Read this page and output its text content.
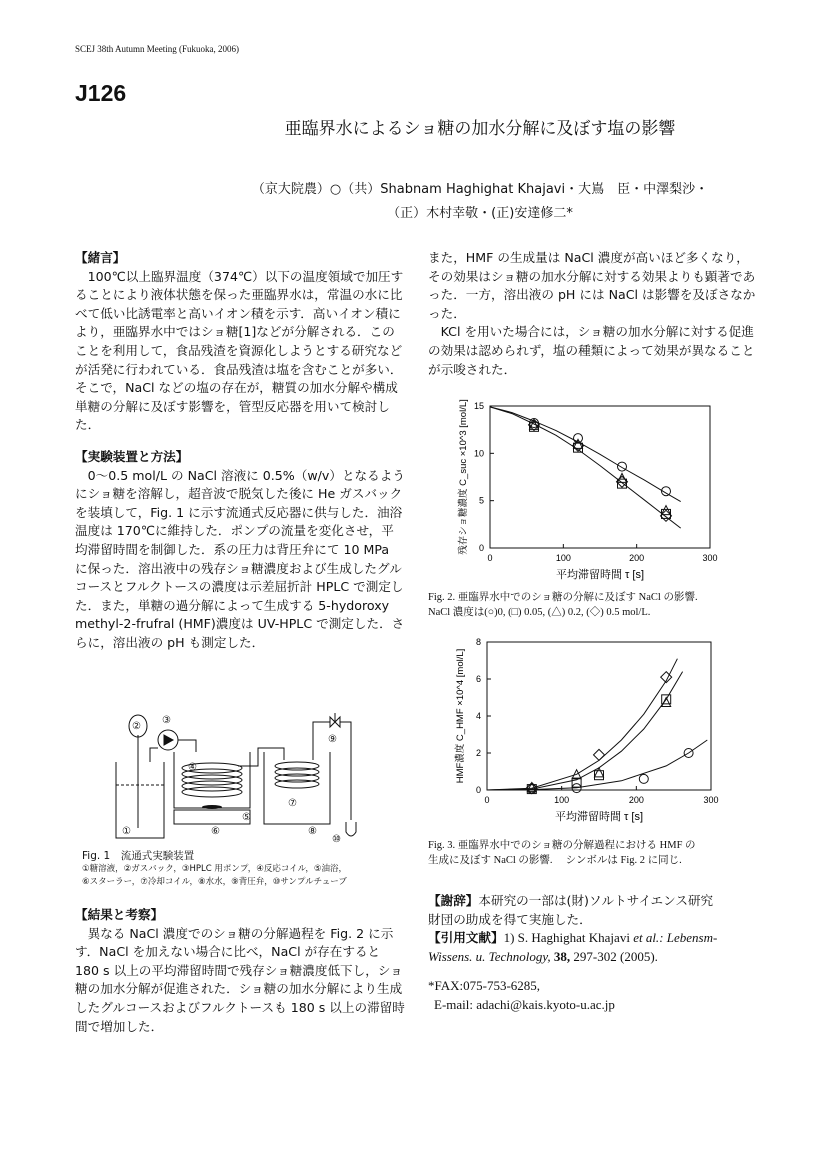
SCEJ 38th Autumn Meeting (Fukuoka, 2006)
J126
亜臨界水によるショ糖の加水分解に及ぼす塩の影響
（京大院農）○（共）Shabnam Haghighat Khajavi・大嶌　臣・中澤梨沙・
（正）木村幸敬・(正)安達修二*
【緒言】

100℃以上臨界温度（374℃）以下の温度領域で加圧することにより液体状態を保った亜臨界水は，常温の水に比べて低い比誘電率と高いイオン積を示す．高いイオン積により，亜臨界水中ではショ糖[1]などが分解される．このことを利用して，食品残渣を資源化しようとする研究などが活発に行われている．食品残渣は塩を含むことが多い．そこで，NaCl などの塩の存在が，糖質の加水分解や構成単糖の分解に及ぼす影響を，管型反応器を用いて検討した．

【実験装置と方法】

0〜0.5 mol/L の NaCl 溶液に 0.5%（w/v）となるようにショ糖を溶解し，超音波で脱気した後に He ガスバックを装填して，Fig. 1 に示す流通式反応器に供与した．油浴温度は 170℃に維持した．ポンプの流量を変化させ，平均滞留時間を制御した．系の圧力は背圧弁にて 10 MPa に保った．溶出液中の残存ショ糖濃度および生成したグルコースとフルクトースの濃度は示差屈折計 HPLC で測定した．また，単糖の過分解によって生成する 5-hydoroxy methyl-2-frufral (HMF)濃度は UV-HPLC で測定した．さらに，溶出液の pH も測定した．

①
②
③
④
⑤
⑥
⑦
⑧
⑨
⑩
Fig. 1　流通式実験装置
①糖溶液，②ガスバック，③HPLC 用ポンプ，④反応コイル，⑤油浴，
⑥スターラー，⑦冷却コイル，⑧水水，⑨背圧弁，⑩サンプルチューブ
【結果と考察】

異なる NaCl 濃度でのショ糖の分解過程を Fig. 2 に示す．NaCl を加えない場合に比べ，NaCl が存在すると 180 s 以上の平均滞留時間で残存ショ糖濃度低下し，ショ糖の加水分解が促進された．ショ糖の加水分解により生成したグルコースおよびフルクトースも 180 s 以上の滞留時間で増加した．

また，HMF の生成量は NaCl 濃度が高いほど多くなり，その効果はショ糖の加水分解に対する効果よりも顕著であった．一方，溶出液の pH には NaCl は影響を及ぼさなかった．

KCl を用いた場合には，ショ糖の加水分解に対する促進の効果は認められず，塩の種類によって効果が異なることが示唆された．

0	100	200	300
0
5
10
15
平均滞留時間 τ [s]
残存ショ糖濃度 C_suc ×10^3 [mol/L]
Fig. 2. 亜臨界水中でのショ糖の分解に及ぼす NaCl の影響.
NaCl 濃度は(○)0, (□) 0.05, (△) 0.2, (◇) 0.5 mol/L.
0	100	200	300
0
2
4
6
8
平均滞留時間 τ [s]
HMF濃度 C_HMF ×10^4 [mol/L]
Fig. 3. 亜臨界水中でのショ糖の分解過程における HMF の
生成に及ぼす NaCl の影響.　 シンボルは Fig. 2 に同じ.
【謝辞】本研究の一部は(財)ソルトサイエンス研究
財団の助成を得て実施した．
【引用文献】1) S. Haghighat Khajavi et al.: Lebensm-
Wissens. u. Technology, 38, 297-302 (2005).
*FAX:075-753-6285,
E-mail: adachi@kais.kyoto-u.ac.jp
